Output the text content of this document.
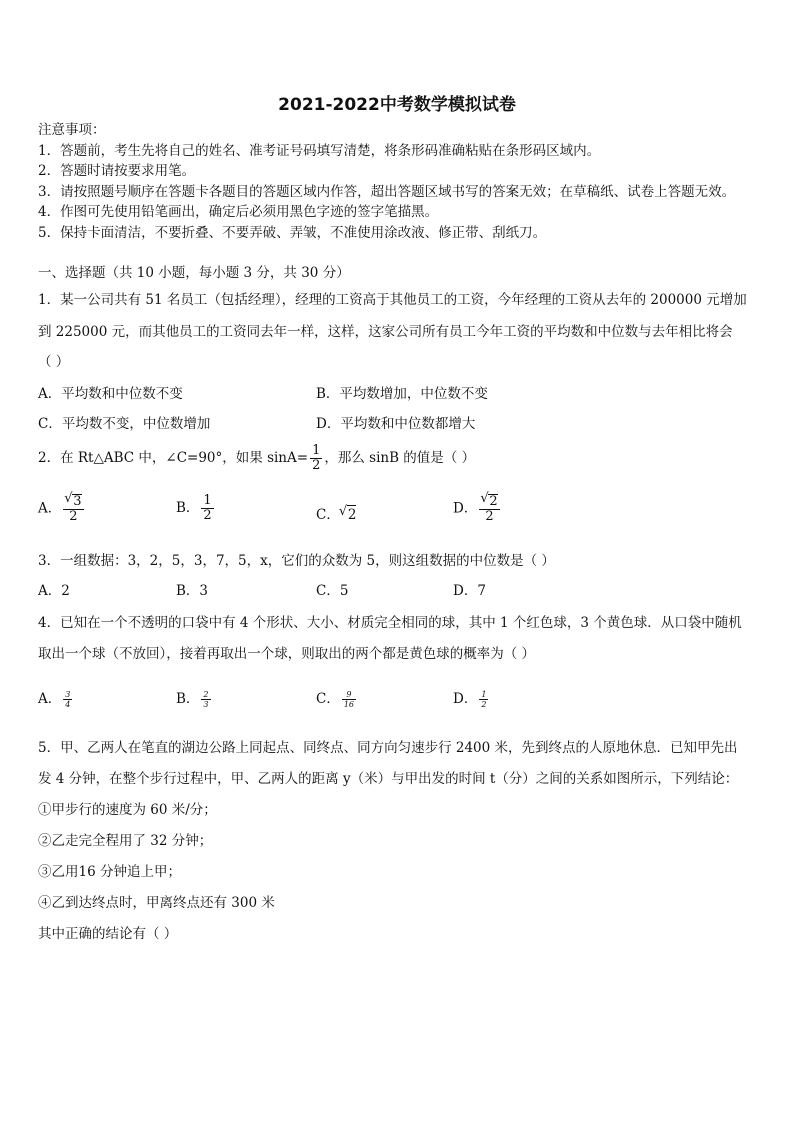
2021-2022中考数学模拟试卷
注意事项：
1．答题前，考生先将自己的姓名、准考证号码填写清楚，将条形码准确粘贴在条形码区域内。
2．答题时请按要求用笔。
3．请按照题号顺序在答题卡各题目的答题区域内作答，超出答题区域书写的答案无效；在草稿纸、试卷上答题无效。
4．作图可先使用铅笔画出，确定后必须用黑色字迹的签字笔描黑。
5．保持卡面清洁，不要折叠、不要弄破、弄皱，不准使用涂改液、修正带、刮纸刀。
一、选择题（共 10 小题，每小题 3 分，共 30 分）
1．某一公司共有 51 名员工（包括经理），经理的工资高于其他员工的工资，今年经理的工资从去年的 200000 元增加
到 225000 元，而其他员工的工资同去年一样，这样，这家公司所有员工今年工资的平均数和中位数与去年相比将会
（ ）
A．平均数和中位数不变	B．平均数增加，中位数不变
C．平均数不变，中位数增加	D．平均数和中位数都增大
2．在 Rt△ABC 中，∠C=90°，如果 $\sin A= \frac{1}{2}$ ，那么 sinB 的值是（ ）
A． √ $\frac{3}{2}$	B． $\frac{1}{2}$	C． √ 2	D． √ $\frac{2}{2}$
3．一组数据：3，2，5，3，7，5，x，它们的众数为 5，则这组数据的中位数是（ ）
A．2	B．3	C．5	D．7
4．已知在一个不透明的口袋中有 4 个形状、大小、材质完全相同的球，其中 1 个红色球，3 个黄色球．从口袋中随机
取出一个球（不放回），接着再取出一个球，则取出的两个都是黄色球的概率为（ ）
A． $\frac{3}{4}$	B． $\frac{2}{3}$	C． $\frac{9}{16}$	D． $\frac{1}{2}$
5．甲、乙两人在笔直的湖边公路上同起点、同终点、同方向匀速步行 2400 米，先到终点的人原地休息．已知甲先出
发 4 分钟，在整个步行过程中，甲、乙两人的距离 y（米）与甲出发的时间 t（分）之间的关系如图所示，下列结论：
①甲步行的速度为 60 米/分；
②乙走完全程用了 32 分钟；
③乙用16 分钟追上甲；
④乙到达终点时，甲离终点还有 300 米
其中正确的结论有（ ）
